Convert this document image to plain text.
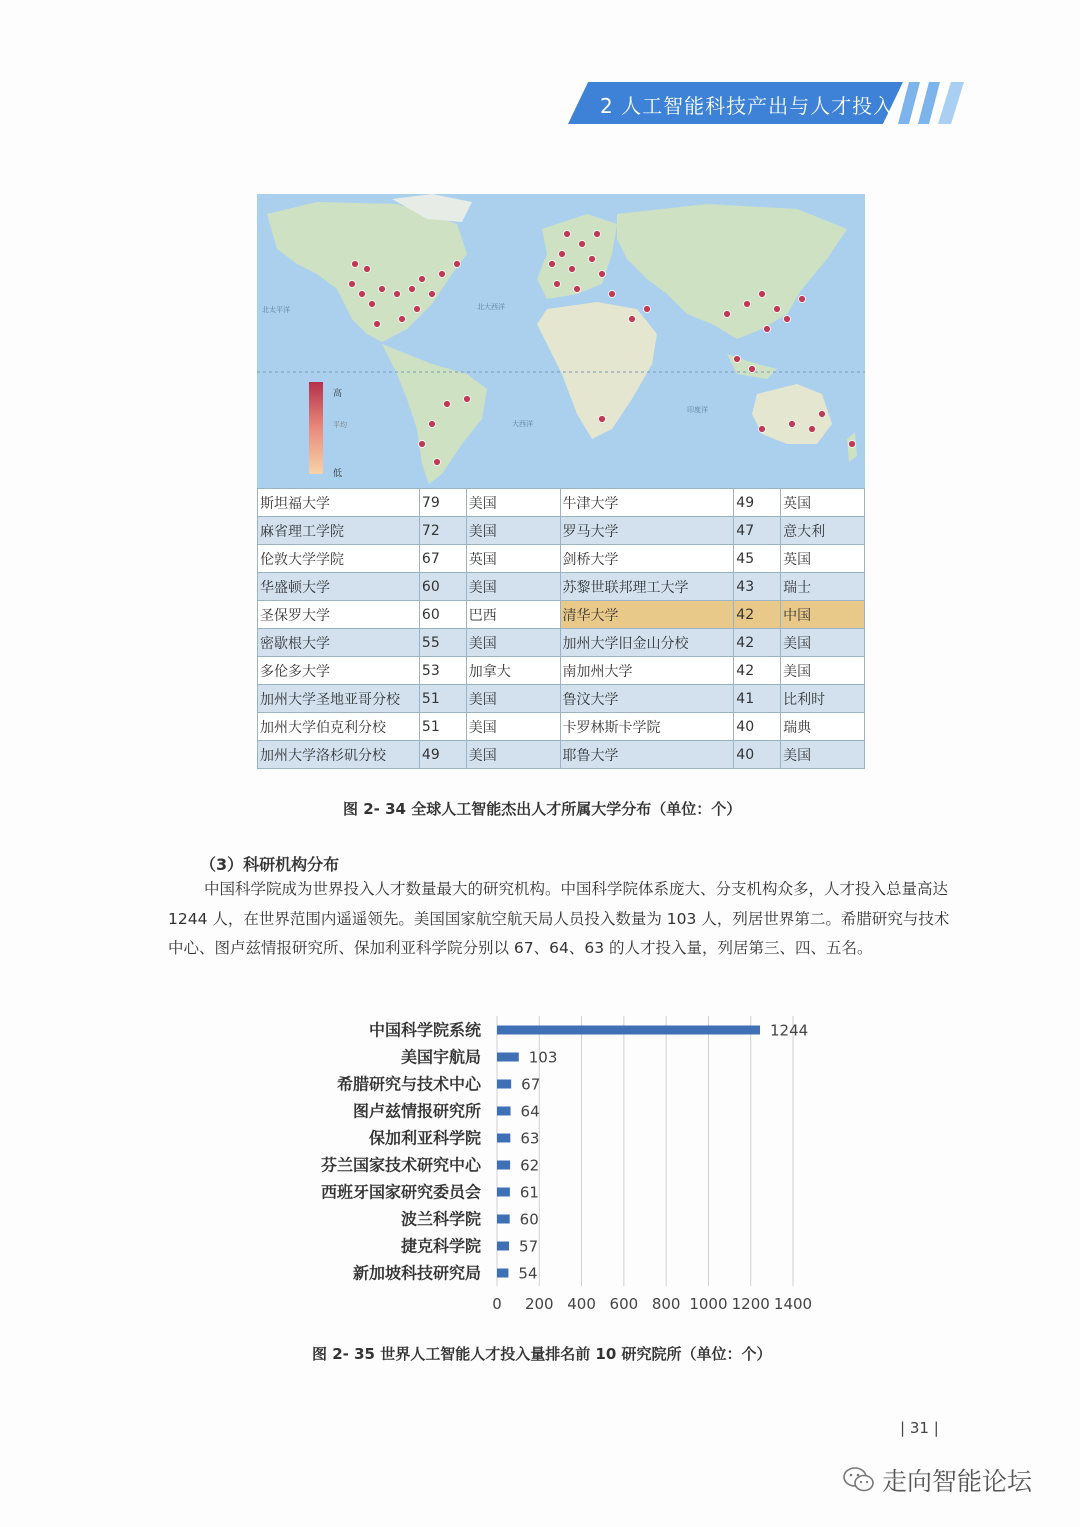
2 人工智能科技产出与人才投入
北太平洋	北大西洋
大西洋
印度洋
高
平均
低
斯坦福大学	79	美国	牛津大学	49	英国
麻省理工学院	72	美国	罗马大学	47	意大利
伦敦大学学院	67	英国	剑桥大学	45	英国
华盛顿大学	60	美国	苏黎世联邦理工大学	43	瑞士
圣保罗大学	60	巴西	清华大学	42	中国
密歇根大学	55	美国	加州大学旧金山分校	42	美国
多伦多大学	53	加拿大	南加州大学	42	美国
加州大学圣地亚哥分校	51	美国	鲁汶大学	41	比利时
加州大学伯克利分校	51	美国	卡罗林斯卡学院	40	瑞典
加州大学洛杉矶分校	49	美国	耶鲁大学	40	美国
图 2- 34 全球人工智能杰出人才所属大学分布（单位：个）
（3）科研机构分布
中国科学院成为世界投入人才数量最大的研究机构。中国科学院体系庞大、分支机构众多，人才投入总量高达 1244 人，在世界范围内遥遥领先。美国国家航空航天局人员投入数量为 103 人，列居世界第二。希腊研究与技术中心、图卢兹情报研究所、保加利亚科学院分别以 67、64、63 的人才投入量，列居第三、四、五名。
0 200 400 600 800 1000 1200 1400
中国科学院系统	1244
美国宇航局	103
希腊研究与技术中心	67
图卢兹情报研究所	64
保加利亚科学院	63
芬兰国家技术研究中心	62
西班牙国家研究委员会	61
波兰科学院	60
捷克科学院	57
新加坡科技研究局 54
图 2- 35 世界人工智能人才投入量排名前 10 研究院所（单位：个）
| 31 |
走向智能论坛
